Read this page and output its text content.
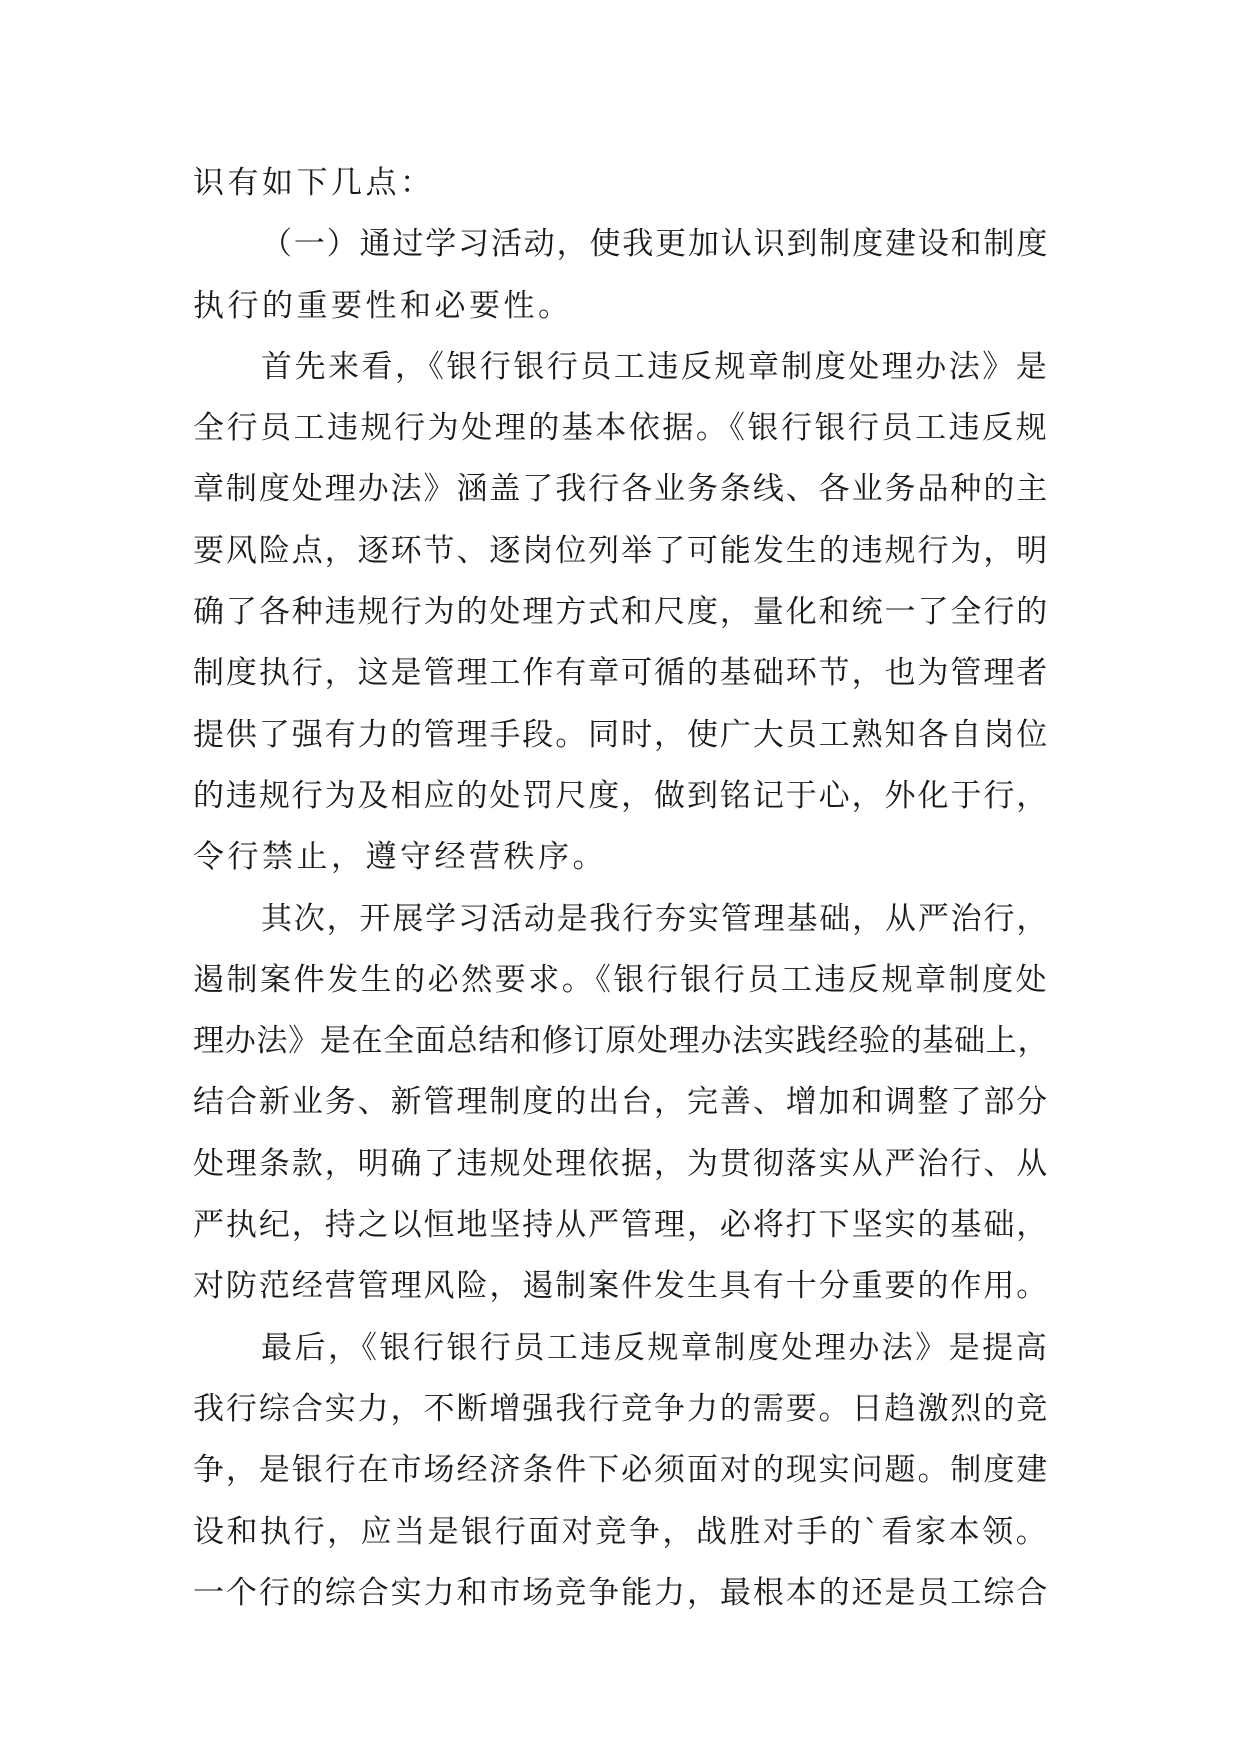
识有如下几点：
（一）通过学习活动，使我更加认识到制度建设和制度
执行的重要性和必要性。
首先来看，《银行银行员工违反规章制度处理办法》是
全行员工违规行为处理的基本依据。《银行银行员工违反规
章制度处理办法》涵盖了我行各业务条线、各业务品种的主
要风险点，逐环节、逐岗位列举了可能发生的违规行为，明
确了各种违规行为的处理方式和尺度，量化和统一了全行的
制度执行，这是管理工作有章可循的基础环节，也为管理者
提供了强有力的管理手段。同时，使广大员工熟知各自岗位
的违规行为及相应的处罚尺度，做到铭记于心，外化于行，
令行禁止，遵守经营秩序。
其次，开展学习活动是我行夯实管理基础，从严治行，
遏制案件发生的必然要求。《银行银行员工违反规章制度处
理办法》是在全面总结和修订原处理办法实践经验的基础上，
结合新业务、新管理制度的出台，完善、增加和调整了部分
处理条款，明确了违规处理依据，为贯彻落实从严治行、从
严执纪，持之以恒地坚持从严管理，必将打下坚实的基础，
对防范经营管理风险，遏制案件发生具有十分重要的作用。
最后，《银行银行员工违反规章制度处理办法》是提高
我行综合实力，不断增强我行竞争力的需要。日趋激烈的竞
争，是银行在市场经济条件下必须面对的现实问题。制度建
设和执行，应当是银行面对竞争，战胜对手的`看家本领。
一个行的综合实力和市场竞争能力，最根本的还是员工综合
